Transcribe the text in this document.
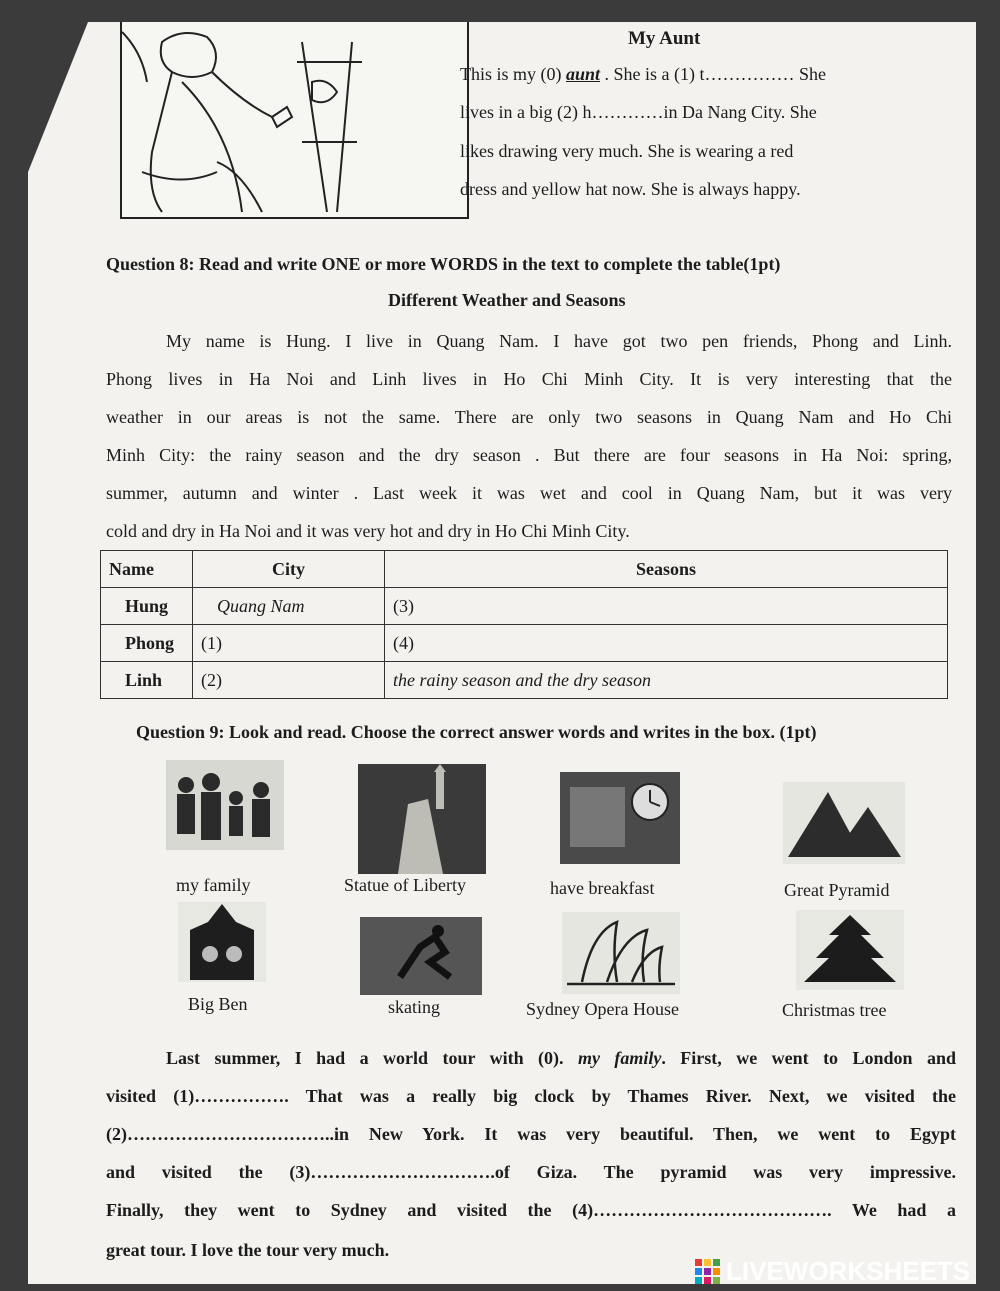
My Aunt
This is my (0) aunt . She is a (1) t…………… She
lives in a big (2) h…………in Da Nang City. She
likes drawing very much. She is wearing a red
dress and yellow hat now. She is always happy.
Question 8: Read and write ONE or more WORDS in the text to complete the table(1pt)
Different Weather and Seasons
My name is Hung. I live in Quang Nam. I have got two pen friends, Phong and Linh.
Phong lives in Ha Noi and Linh lives in Ho Chi Minh City. It is very interesting that the
weather in our areas is not the same. There are only two seasons in Quang Nam and Ho Chi
Minh City: the rainy season and the dry season . But there are four seasons in Ha Noi: spring,
summer, autumn and winter . Last week it was wet and cool in Quang Nam, but it was very
cold and dry in Ha Noi and it was very hot and dry in Ho Chi Minh City.
Name	City	Seasons
Hung	Quang Nam	(3)
Phong	(1)	(4)
Linh	(2)	the rainy season and the dry season
Question 9: Look and read. Choose the correct answer words and writes in the box. (1pt)
my family	Statue of Liberty	have breakfast	Great Pyramid
Big Ben	skating	Sydney Opera House	Christmas tree
Last summer, I had a world tour with (0). my family. First, we went to London and
visited (1)……………. That was a really big clock by Thames River. Next, we visited the
(2)……………………………..in New York. It was very beautiful. Then, we went to Egypt
and visited the (3)………………………….of Giza. The pyramid was very impressive.
Finally, they went to Sydney and visited the (4)…………………………………. We had a
great tour. I love the tour very much.
LIVEWORKSHEETS
